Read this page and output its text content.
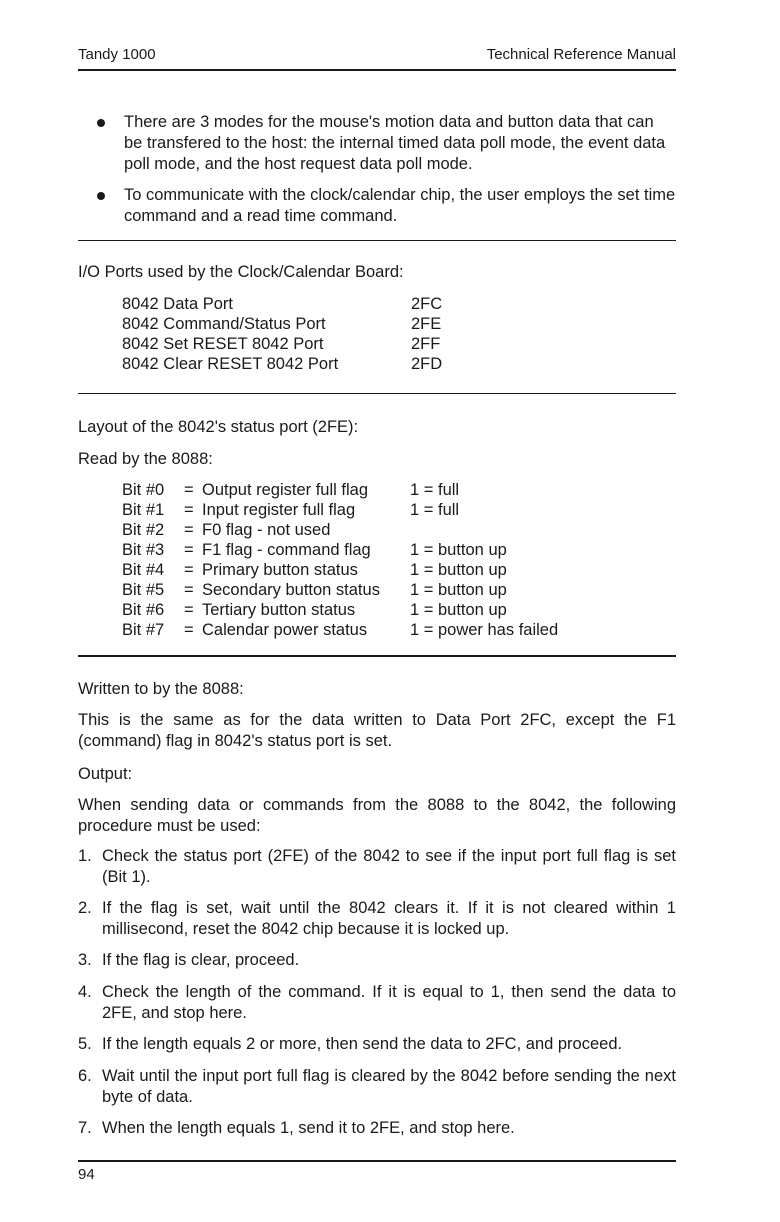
Tandy 1000	Technical Reference Manual
There are 3 modes for the mouse's motion data and button data that can be transfered to the host: the internal timed data poll mode, the event data poll mode, and the host request data poll mode.
To communicate with the clock/calendar chip, the user employs the set time command and a read time command.
I/O Ports used by the Clock/Calendar Board:
8042 Data Port	2FC
8042 Command/Status Port	2FE
8042 Set RESET 8042 Port	2FF
8042 Clear RESET 8042 Port	2FD
Layout of the 8042's status port (2FE):
Read by the 8088:
Bit #0 = Output register full flag	1 = full
Bit #1 = Input register full flag	1 = full
Bit #2 = F0 flag - not used
Bit #3 = F1 flag - command flag 1 = button up
Bit #4 = Primary button status	1 = button up
Bit #5 = Secondary button status 1 = button up
Bit #6 = Tertiary button status	1 = button up
Bit #7 = Calendar power status	1 = power has failed
Written to by the 8088:
This is the same as for the data written to Data Port 2FC, except the F1 (command) flag in 8042's status port is set.
Output:
When sending data or commands from the 8088 to the 8042, the following procedure must be used:
1. Check the status port (2FE) of the 8042 to see if the input port full flag is set (Bit 1).
2. If the flag is set, wait until the 8042 clears it. If it is not cleared within 1 millisecond, reset the 8042 chip because it is locked up.
3. If the flag is clear, proceed.
4. Check the length of the command. If it is equal to 1, then send the data to 2FE, and stop here.
5. If the length equals 2 or more, then send the data to 2FC, and proceed.
6. Wait until the input port full flag is cleared by the 8042 before sending the next byte of data.
7. When the length equals 1, send it to 2FE, and stop here.
94
